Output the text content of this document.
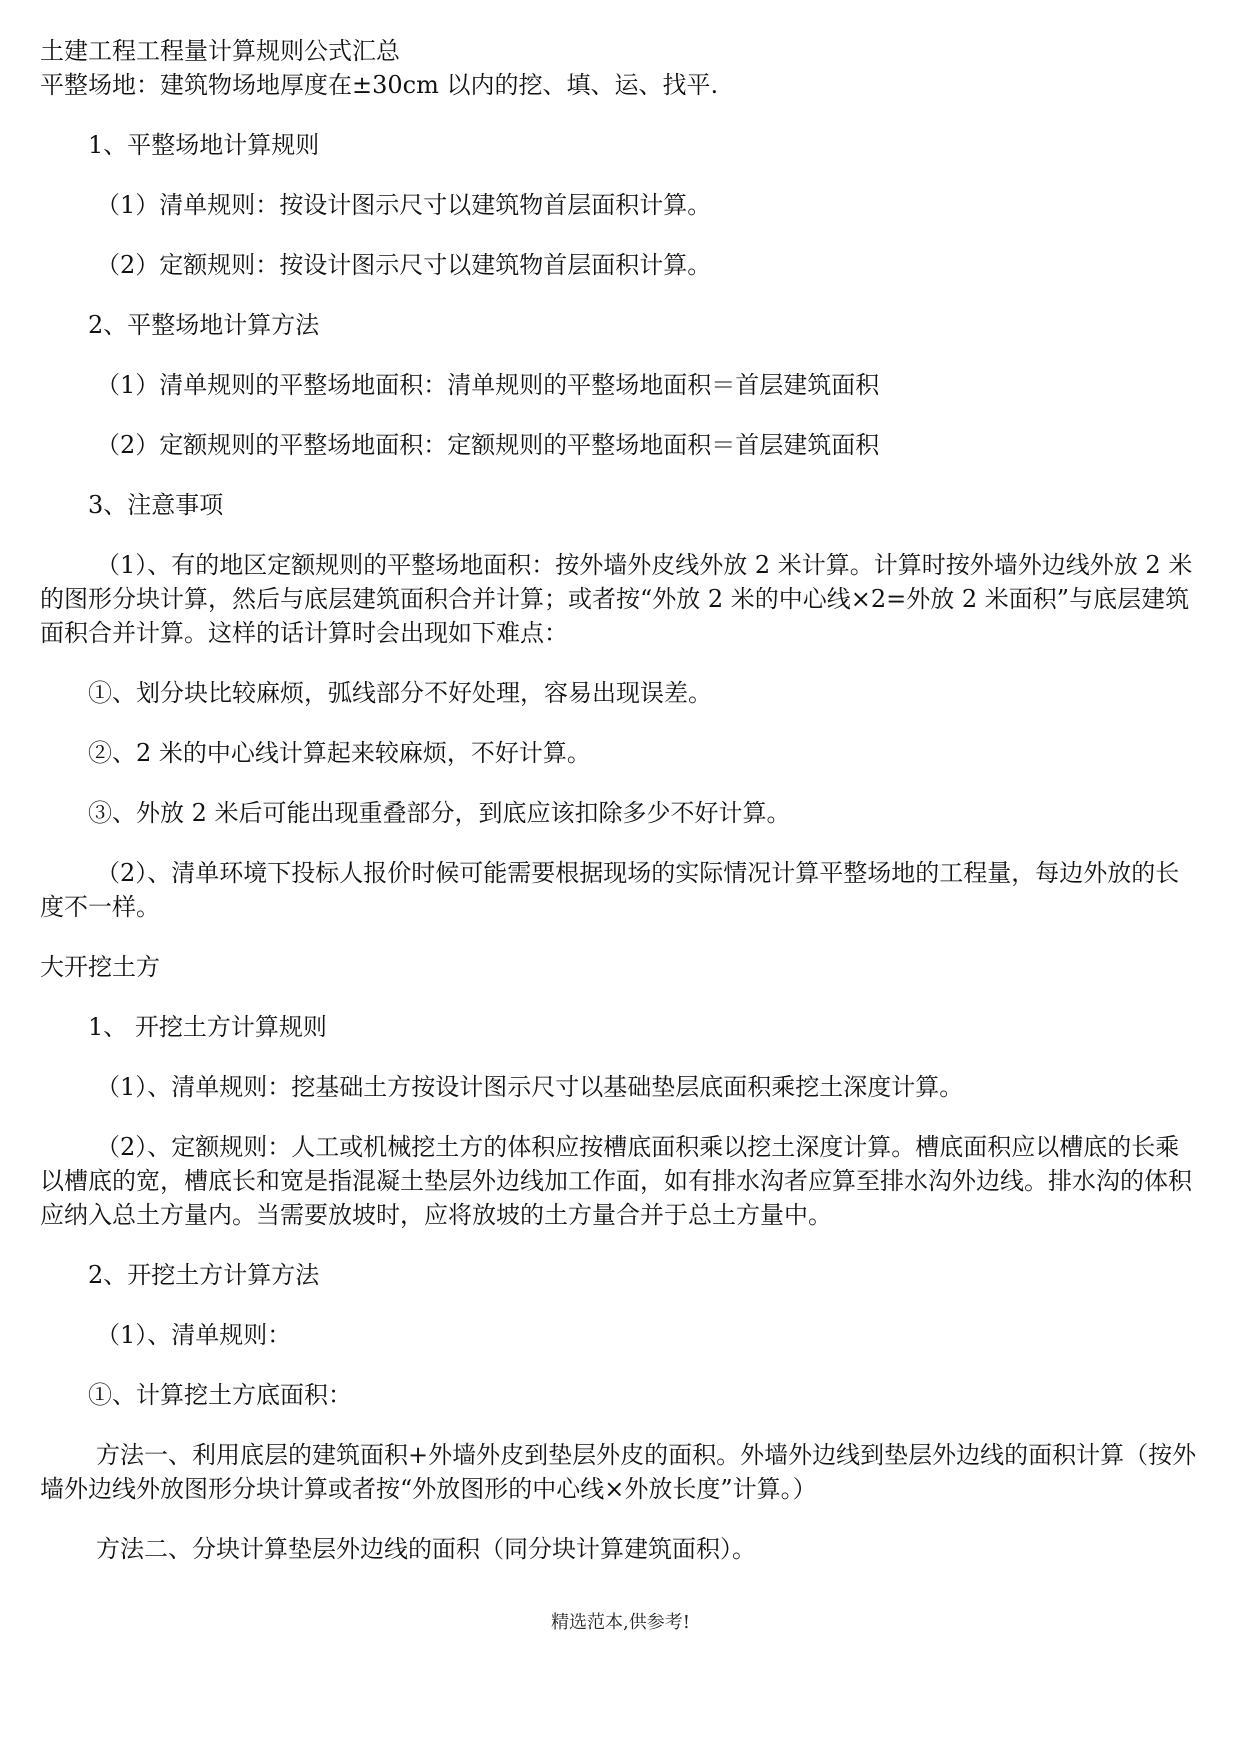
土建工程工程量计算规则公式汇总

平整场地：建筑物场地厚度在±30cm 以内的挖、填、运、找平.

1、平整场地计算规则

（1）清单规则：按设计图示尺寸以建筑物首层面积计算。

（2）定额规则：按设计图示尺寸以建筑物首层面积计算。

2、平整场地计算方法

（1）清单规则的平整场地面积：清单规则的平整场地面积＝首层建筑面积

（2）定额规则的平整场地面积：定额规则的平整场地面积＝首层建筑面积

3、注意事项

（1）、有的地区定额规则的平整场地面积：按外墙外皮线外放 2 米计算。计算时按外墙外边线外放 2 米的图形分块计算，然后与底层建筑面积合并计算；或者按“外放 2 米的中心线×2=外放 2 米面积”与底层建筑面积合并计算。这样的话计算时会出现如下难点：

①、划分块比较麻烦，弧线部分不好处理，容易出现误差。

②、2 米的中心线计算起来较麻烦，不好计算。

③、外放 2 米后可能出现重叠部分，到底应该扣除多少不好计算。

（2）、清单环境下投标人报价时候可能需要根据现场的实际情况计算平整场地的工程量，每边外放的长度不一样。

大开挖土方

1、 开挖土方计算规则

（1）、清单规则：挖基础土方按设计图示尺寸以基础垫层底面积乘挖土深度计算。

（2）、定额规则：人工或机械挖土方的体积应按槽底面积乘以挖土深度计算。槽底面积应以槽底的长乘以槽底的宽，槽底长和宽是指混凝土垫层外边线加工作面，如有排水沟者应算至排水沟外边线。排水沟的体积应纳入总土方量内。当需要放坡时，应将放坡的土方量合并于总土方量中。

2、开挖土方计算方法

（1）、清单规则：

①、计算挖土方底面积：

方法一、利用底层的建筑面积+外墙外皮到垫层外皮的面积。外墙外边线到垫层外边线的面积计算（按外墙外边线外放图形分块计算或者按“外放图形的中心线×外放长度”计算。）

方法二、分块计算垫层外边线的面积（同分块计算建筑面积）。

精选范本,供参考!
